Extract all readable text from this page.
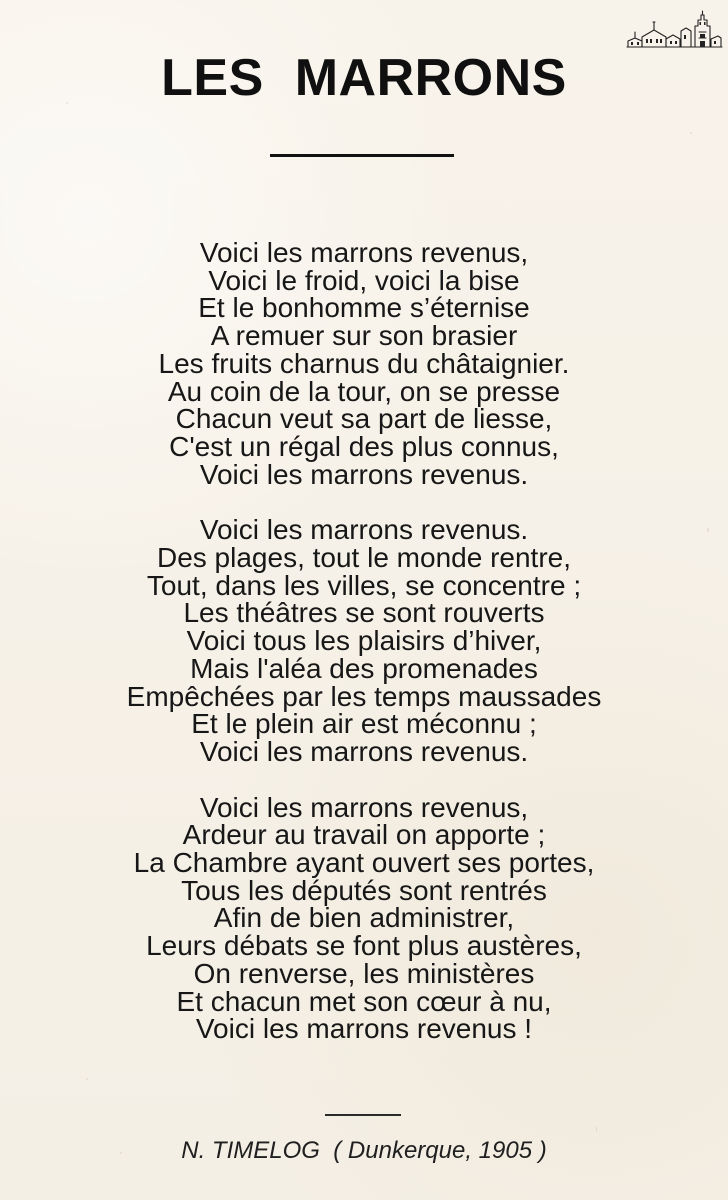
LES MARRONS
Voici les marrons revenus,
Voici le froid, voici la bise
Et le bonhomme s’éternise
A remuer sur son brasier
Les fruits charnus du châtaignier.
Au coin de la tour, on se presse
Chacun veut sa part de liesse,
C'est un régal des plus connus,
Voici les marrons revenus.
Voici les marrons revenus.
Des plages, tout le monde rentre,
Tout, dans les villes, se concentre ;
Les théâtres se sont rouverts
Voici tous les plaisirs d’hiver,
Mais l'aléa des promenades
Empêchées par les temps maussades
Et le plein air est méconnu ;
Voici les marrons revenus.
Voici les marrons revenus,
Ardeur au travail on apporte ;
La Chambre ayant ouvert ses portes,
Tous les députés sont rentrés
Afin de bien administrer,
Leurs débats se font plus austères,
On renverse, les ministères
Et chacun met son cœur à nu,
Voici les marrons revenus !
N. TIMELOG  ( Dunkerque, 1905 )
